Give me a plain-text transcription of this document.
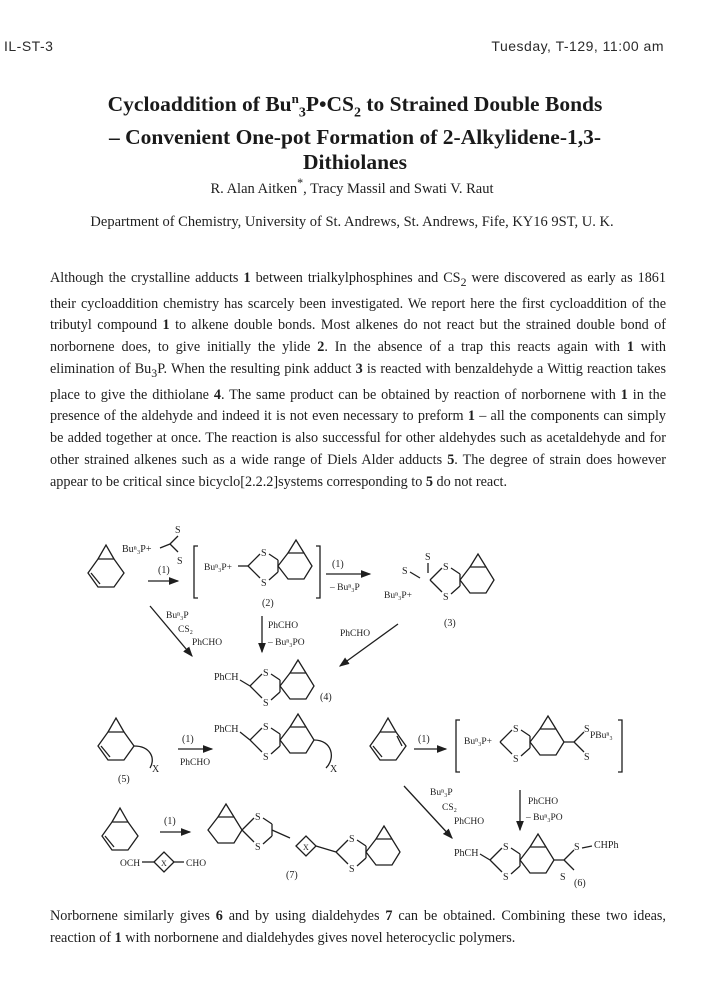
IL-ST-3	Tuesday, T-129, 11:00 am
Cycloaddition of $Bu^n_3P•CS_2$ to Strained Double Bonds
– Convenient One-pot Formation of 2-Alkylidene-1,3-
Dithiolanes
R. Alan Aitken*, Tracy Massil and Swati V. Raut
Department of Chemistry, University of St. Andrews, St. Andrews, Fife, KY16 9ST, U. K.
Although the crystalline adducts 1 between trialkylphosphines and $CS_2$ were discovered as early as 1861 their cycloaddition chemistry has scarcely been investigated. We report here the first cycloaddition of the tributyl compound 1 to alkene double bonds. Most alkenes do not react but the strained double bond of norbornene does, to give initially the ylide 2. In the absence of a trap this reacts again with 1 with elimination of $Bu_3P$. When the resulting pink adduct 3 is reacted with benzaldehyde a Wittig reaction takes place to give the dithiolane 4. The same product can be obtained by reaction of norbornene with 1 in the presence of the aldehyde and indeed it is not even necessary to preform 1 – all the components can simply be added together at once. The reaction is also successful for other aldehydes such as acetaldehyde and for other strained alkenes such as a wide range of Diels Alder adducts 5. The degree of strain does however appear to be critical since bicyclo[2.2.2]systems corresponding to 5 do not react.
S
Buⁿ₃P+
S
S
(1)	Buⁿ₃P+
(2)
(1)
– Buⁿ₃P
S
S
Buⁿ₃P+
(3)
Buⁿ₃P
CS₂
PhCHO
PhCHO
– Buⁿ₃PO
PhCHO
PhCH
(4)
X
(5)
(1)
PhCHO
PhCH
X
(1)	Buⁿ₃P+
S
S
PBuⁿ₃
Buⁿ₃P
CS₂
PhCHO
PhCHO
– Buⁿ₃PO
(1)
OCH	X CHO
X
(7)
PhCH
S
S
CHPh
(6)
Norbornene similarly gives 6 and by using dialdehydes 7 can be obtained. Combining these two ideas, reaction of 1 with norbornene and dialdehydes gives novel heterocyclic polymers.
